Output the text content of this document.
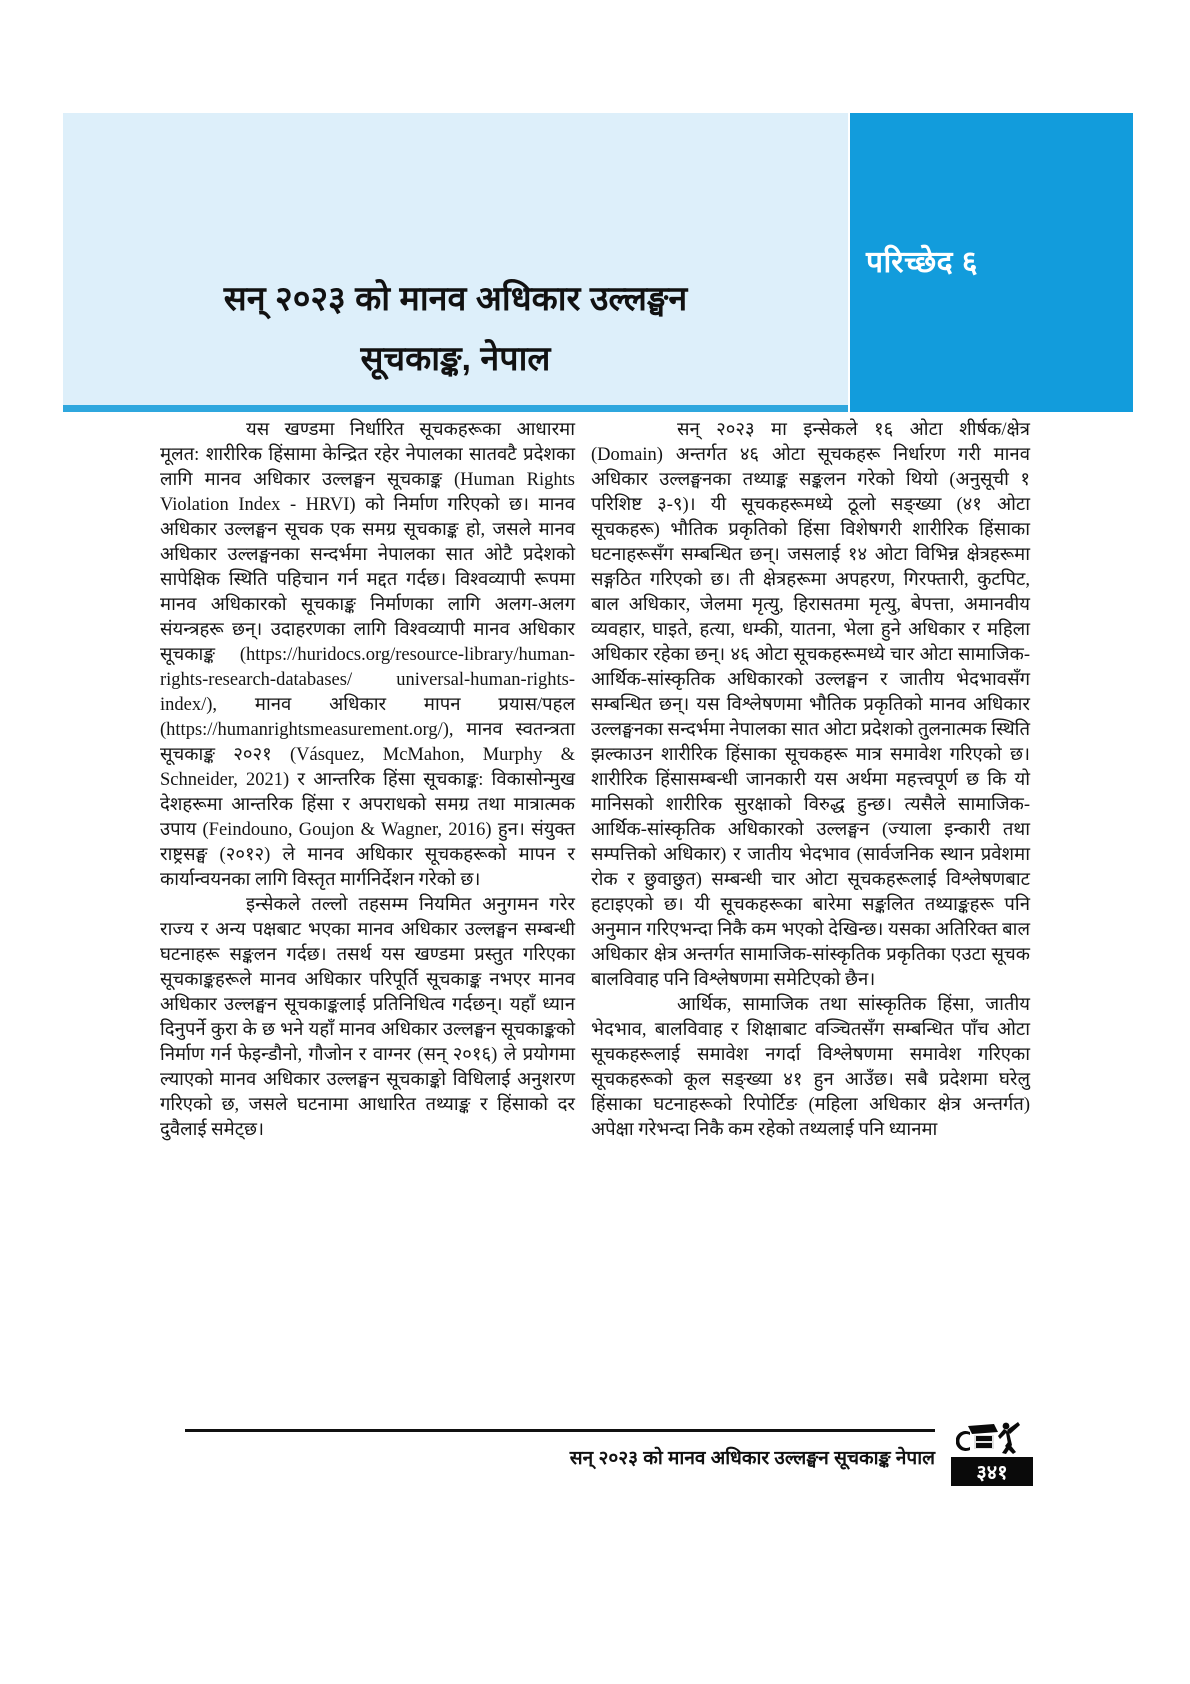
सन् २०२३ को मानव अधिकार उल्लङ्घन
सूचकाङ्क, नेपाल
परिच्छेद ६

यस खण्डमा निर्धारित सूचकहरूका आधारमा मूलत: शारीरिक हिंसामा केन्द्रित रहेर नेपालका सातवटै प्रदेशका लागि मानव अधिकार उल्लङ्घन सूचकाङ्क (Human Rights Violation Index - HRVI) को निर्माण गरिएको छ। मानव अधिकार उल्लङ्घन सूचक एक समग्र सूचकाङ्क हो, जसले मानव अधिकार उल्लङ्घनका सन्दर्भमा नेपालका सात ओटै प्रदेशको सापेक्षिक स्थिति पहिचान गर्न मद्दत गर्दछ। विश्वव्यापी रूपमा मानव अधिकारको सूचकाङ्क निर्माणका लागि अलग-अलग संयन्त्रहरू छन्। उदाहरणका लागि विश्वव्यापी मानव अधिकार सूचकाङ्क (https://huridocs.org/resource-library/human-rights-research-databases/ universal-human-rights-index/), मानव अधिकार मापन प्रयास/पहल (https://humanrightsmeasurement.org/), मानव स्वतन्त्रता सूचकाङ्क २०२१ (Vásquez, McMahon, Murphy & Schneider, 2021) र आन्तरिक हिंसा सूचकाङ्क: विकासोन्मुख देशहरूमा आन्तरिक हिंसा र अपराधको समग्र तथा मात्रात्मक उपाय (Feindouno, Goujon & Wagner, 2016) हुन। संयुक्त राष्ट्रसङ्घ (२०१२) ले मानव अधिकार सूचकहरूको मापन र कार्यान्वयनका लागि विस्तृत मार्गनिर्देशन गरेको छ।

इन्सेकले तल्लो तहसम्म नियमित अनुगमन गरेर राज्य र अन्य पक्षबाट भएका मानव अधिकार उल्लङ्घन सम्बन्धी घटनाहरू सङ्कलन गर्दछ। तसर्थ यस खण्डमा प्रस्तुत गरिएका सूचकाङ्कहरूले मानव अधिकार परिपूर्ति सूचकाङ्क नभएर मानव अधिकार उल्लङ्घन सूचकाङ्कलाई प्रतिनिधित्व गर्दछन्। यहाँ ध्यान दिनुपर्ने कुरा के छ भने यहाँ मानव अधिकार उल्लङ्घन सूचकाङ्कको निर्माण गर्न फेइन्डौनो, गौजोन र वाग्नर (सन् २०१६) ले प्रयोगमा ल्याएको मानव अधिकार उल्लङ्घन सूचकाङ्को विधिलाई अनुशरण गरिएको छ, जसले घटनामा आधारित तथ्याङ्क र हिंसाको दर दुवैलाई समेट्छ।

सन् २०२३ मा इन्सेकले १६ ओटा शीर्षक/क्षेत्र (Domain) अन्तर्गत ४६ ओटा सूचकहरू निर्धारण गरी मानव अधिकार उल्लङ्घनका तथ्याङ्क सङ्कलन गरेको थियो (अनुसूची १ परिशिष्ट ३-९)। यी सूचकहरूमध्ये ठूलो सङ्ख्या (४१ ओटा सूचकहरू) भौतिक प्रकृतिको हिंसा विशेषगरी शारीरिक हिंसाका घटनाहरूसँग सम्बन्धित छन्। जसलाई १४ ओटा विभिन्न क्षेत्रहरूमा सङ्गठित गरिएको छ। ती क्षेत्रहरूमा अपहरण, गिरफ्तारी, कुटपिट, बाल अधिकार, जेलमा मृत्यु, हिरासतमा मृत्यु, बेपत्ता, अमानवीय व्यवहार, घाइते, हत्या, धम्की, यातना, भेला हुने अधिकार र महिला अधिकार रहेका छन्। ४६ ओटा सूचकहरूमध्ये चार ओटा सामाजिक-आर्थिक-सांस्कृतिक अधिकारको उल्लङ्घन र जातीय भेदभावसँग सम्बन्धित छन्। यस विश्लेषणमा भौतिक प्रकृतिको मानव अधिकार उल्लङ्घनका सन्दर्भमा नेपालका सात ओटा प्रदेशको तुलनात्मक स्थिति झल्काउन शारीरिक हिंसाका सूचकहरू मात्र समावेश गरिएको छ। शारीरिक हिंसासम्बन्धी जानकारी यस अर्थमा महत्त्वपूर्ण छ कि यो मानिसको शारीरिक सुरक्षाको विरुद्ध हुन्छ। त्यसैले सामाजिक-आर्थिक-सांस्कृतिक अधिकारको उल्लङ्घन (ज्याला इन्कारी तथा सम्पत्तिको अधिकार) र जातीय भेदभाव (सार्वजनिक स्थान प्रवेशमा रोक र छुवाछुत) सम्बन्धी चार ओटा सूचकहरूलाई विश्लेषणबाट हटाइएको छ। यी सूचकहरूका बारेमा सङ्कलित तथ्याङ्कहरू पनि अनुमान गरिएभन्दा निकै कम भएको देखिन्छ। यसका अतिरिक्त बाल अधिकार क्षेत्र अन्तर्गत सामाजिक-सांस्कृतिक प्रकृतिका एउटा सूचक बालविवाह पनि विश्लेषणमा समेटिएको छैन।

आर्थिक, सामाजिक तथा सांस्कृतिक हिंसा, जातीय भेदभाव, बालविवाह र शिक्षाबाट वञ्चितसँग सम्बन्धित पाँच ओटा सूचकहरूलाई समावेश नगर्दा विश्लेषणमा समावेश गरिएका सूचकहरूको कूल सङ्ख्या ४१ हुन आउँछ। सबै प्रदेशमा घरेलु हिंसाका घटनाहरूको रिपोर्टिङ (महिला अधिकार क्षेत्र अन्तर्गत) अपेक्षा गरेभन्दा निकै कम रहेको तथ्यलाई पनि ध्यानमा

सन् २०२३ को मानव अधिकार उल्लङ्घन सूचकाङ्क नेपाल
३४१
